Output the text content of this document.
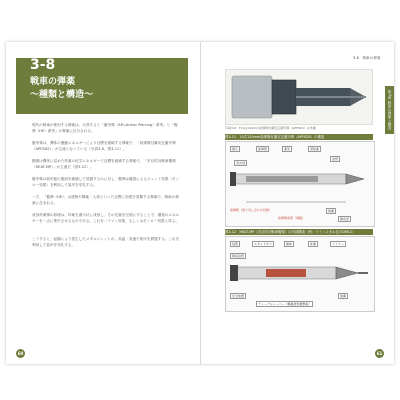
3-8
戦車の弾薬
〜種類と構造〜
現代の戦車が使用する弾薬は、大別すると「徹甲弾（AP=Armor Piercing）系列」と「榴弾（HE）系列」の弾薬に区分される。
徹甲弾は、彈体の運動エネルギーにより目標を破壊する弾薬で、「装弾筒付翼安定徹甲弾（APFSDS）」が主流となっている（写真3-8、図3-11）。
榴弾は彈体に詰めた炸薬の化学エネルギーで目標を破壊する弾薬で、「多目的対戦車榴弾（HEAT-MP）」が主流だ（図3-12）。
徹甲弾は装甲板の裏面を破壊して侵徹するのに対し、榴弾は爆発によるジェット効果（モンロー効果）を利用して装甲を穿孔する。
一方、「榴弾（HE）」は建物や陣地・人員といった目標に効果を発揮する弾薬で、戦車の弾薬に含まれる。
成形炸薬弾の原理は、炸薬を漏斗状に成形し、その先端を空洞にすることで、爆発のエネルギーを一点に集中させるものである。これをノイマン効果、もしくはモンロー効果と呼ぶ。
こうすると、起爆により発生したメタルジェットが、高温・高速で装甲を貫通する。これを利用して装甲を穿孔する。
60
3-8　戦車の弾薬
第3章 戦車の弾薬と構造
写真3-8　T14は120mm装弾筒付翼安定徹甲弾（APFSDS）の外観
図3-11　10式120mm装弾筒付翼安定徹甲弾（APFSDS）の構造
弾芯	装弾筒	薬莢	発射薬
雷管
曳光剤
装弾筒（送り出しされた状態）	尾翼
装弾筒前部（飛散）	弾底部
図3-12　HEAT-MP（多目的対戦車榴弾）の内部構造（例：ラインメタル社のDM12）
信管	スタンドオフ	弾体	炸薬	ライナー
弾底信管
安全装置	尾翼
ウェーブシェーパー（爆薬波形調整板）
61
